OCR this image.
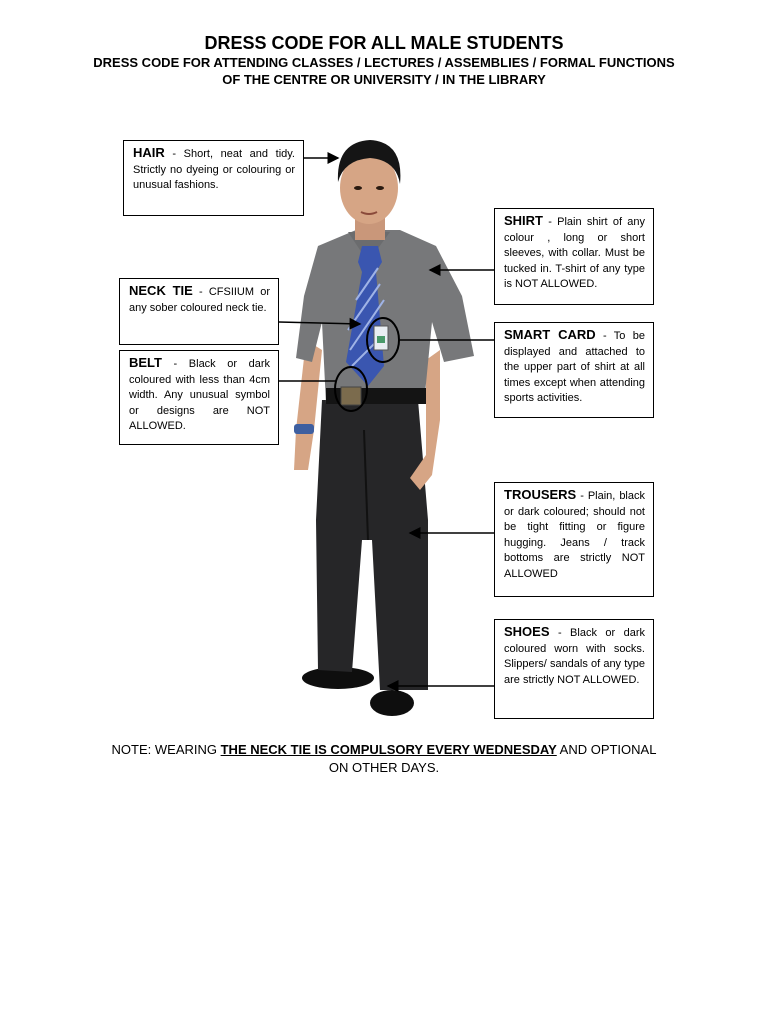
DRESS CODE FOR ALL MALE STUDENTS
DRESS CODE FOR ATTENDING CLASSES / LECTURES / ASSEMBLIES / FORMAL FUNCTIONS
OF THE CENTRE OR UNIVERSITY / IN THE LIBRARY
HAIR - Short, neat and tidy. Strictly no dyeing or colouring or unusual fashions.
NECK TIE - CFSIIUM or any sober coloured neck tie.
BELT - Black or dark coloured with less than 4cm width. Any unusual symbol or designs are NOT ALLOWED.
SHIRT - Plain shirt of any colour , long or short sleeves, with collar. Must be tucked in. T-shirt of any type is NOT ALLOWED.
SMART CARD - To be displayed and attached to the upper part of shirt at all times except when attending sports activities.
TROUSERS - Plain, black or dark coloured; should not be tight fitting or figure hugging. Jeans / track bottoms are strictly NOT ALLOWED
SHOES - Black or dark coloured worn with socks. Slippers/ sandals of any type are strictly NOT ALLOWED.
NOTE: WEARING THE NECK TIE IS COMPULSORY EVERY WEDNESDAY AND OPTIONAL ON OTHER DAYS.
